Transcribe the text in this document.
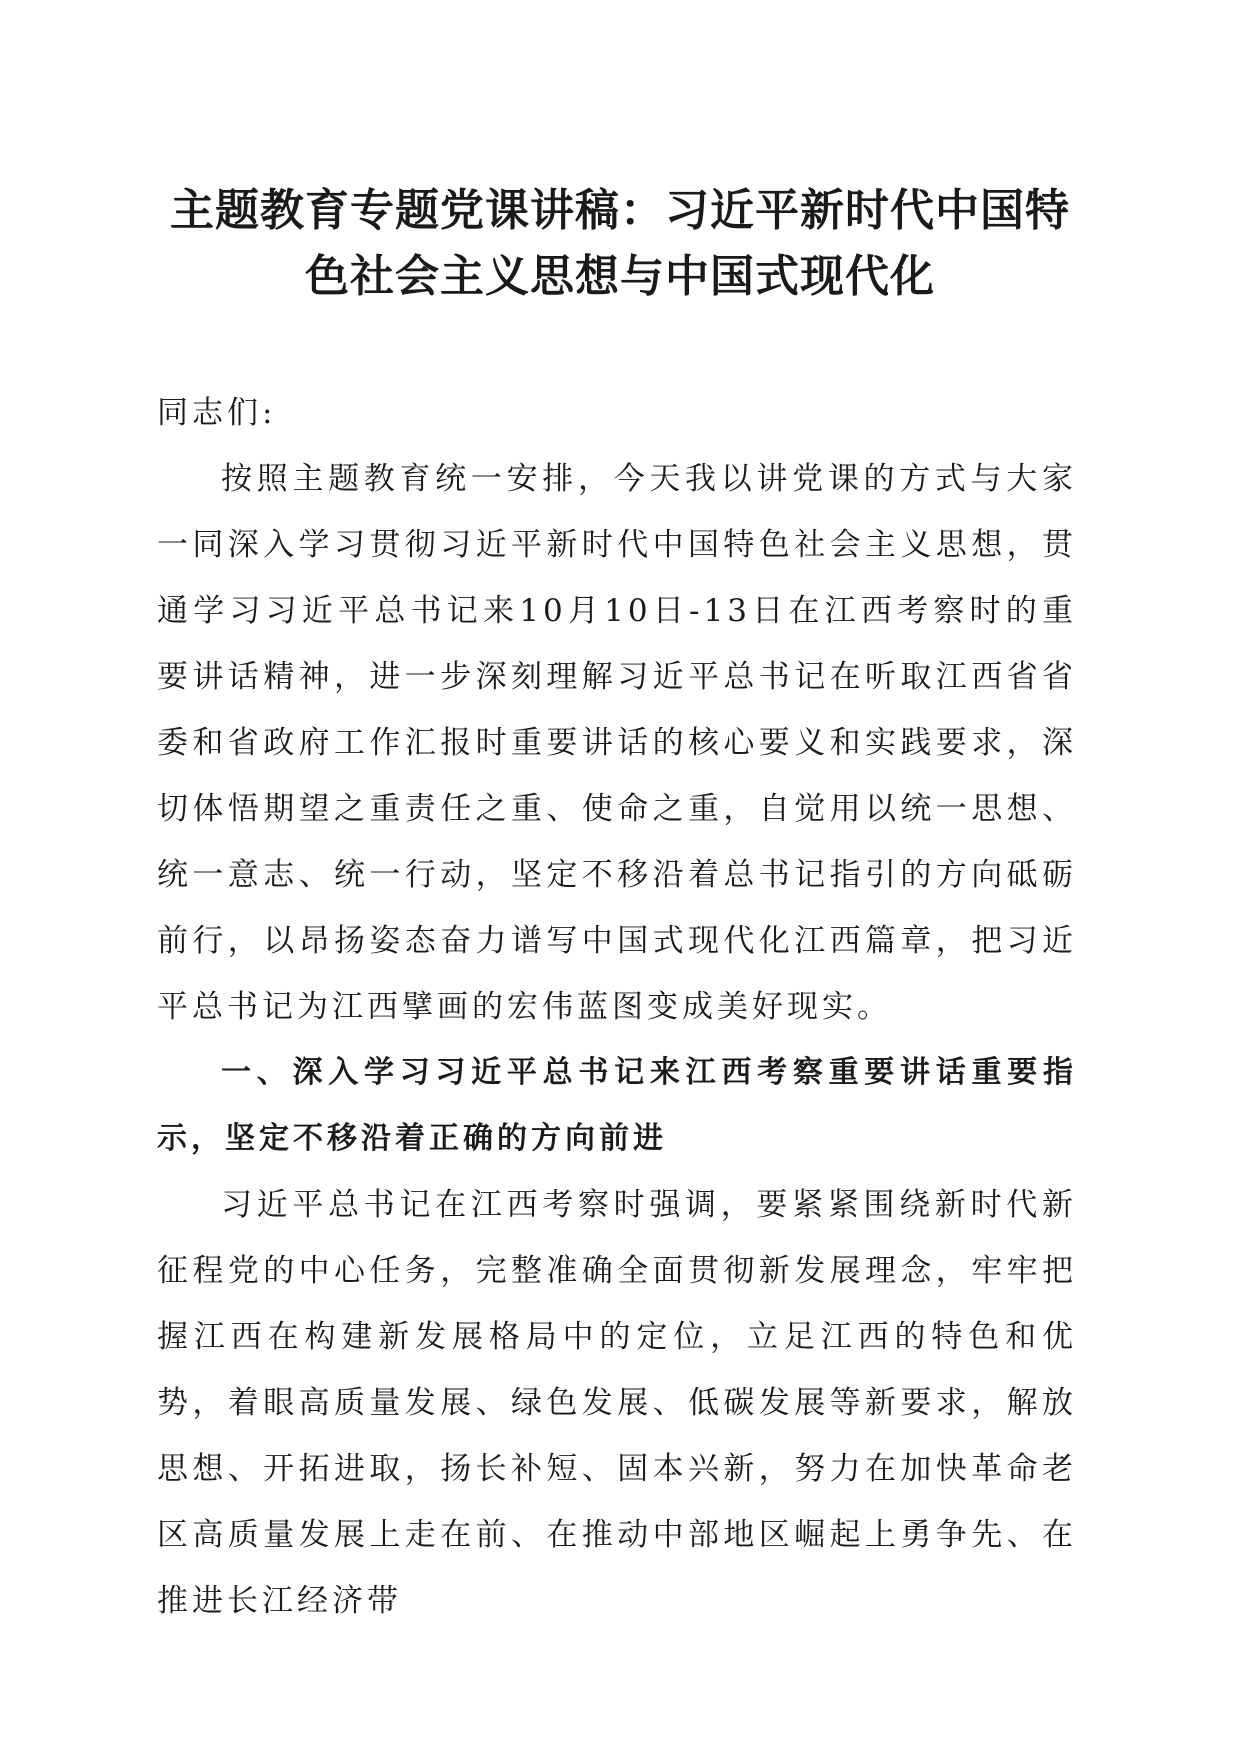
主题教育专题党课讲稿：习近平新时代中国特
色社会主义思想与中国式现代化

同志们:

按照主题教育统一安排，今天我以讲党课的方式与大家一同深入学习贯彻习近平新时代中国特色社会主义思想，贯通学习习近平总书记来10月10日-13日在江西考察时的重要讲话精神，进一步深刻理解习近平总书记在听取江西省省委和省政府工作汇报时重要讲话的核心要义和实践要求，深切体悟期望之重责任之重、使命之重，自觉用以统一思想、统一意志、统一行动，坚定不移沿着总书记指引的方向砥砺前行，以昂扬姿态奋力谱写中国式现代化江西篇章，把习近平总书记为江西擘画的宏伟蓝图变成美好现实。

一、深入学习习近平总书记来江西考察重要讲话重要指示，坚定不移沿着正确的方向前进

习近平总书记在江西考察时强调，要紧紧围绕新时代新征程党的中心任务，完整准确全面贯彻新发展理念，牢牢把握江西在构建新发展格局中的定位，立足江西的特色和优势，着眼高质量发展、绿色发展、低碳发展等新要求，解放思想、开拓进取，扬长补短、固本兴新，努力在加快革命老区高质量发展上走在前、在推动中部地区崛起上勇争先、在推进长江经济带
